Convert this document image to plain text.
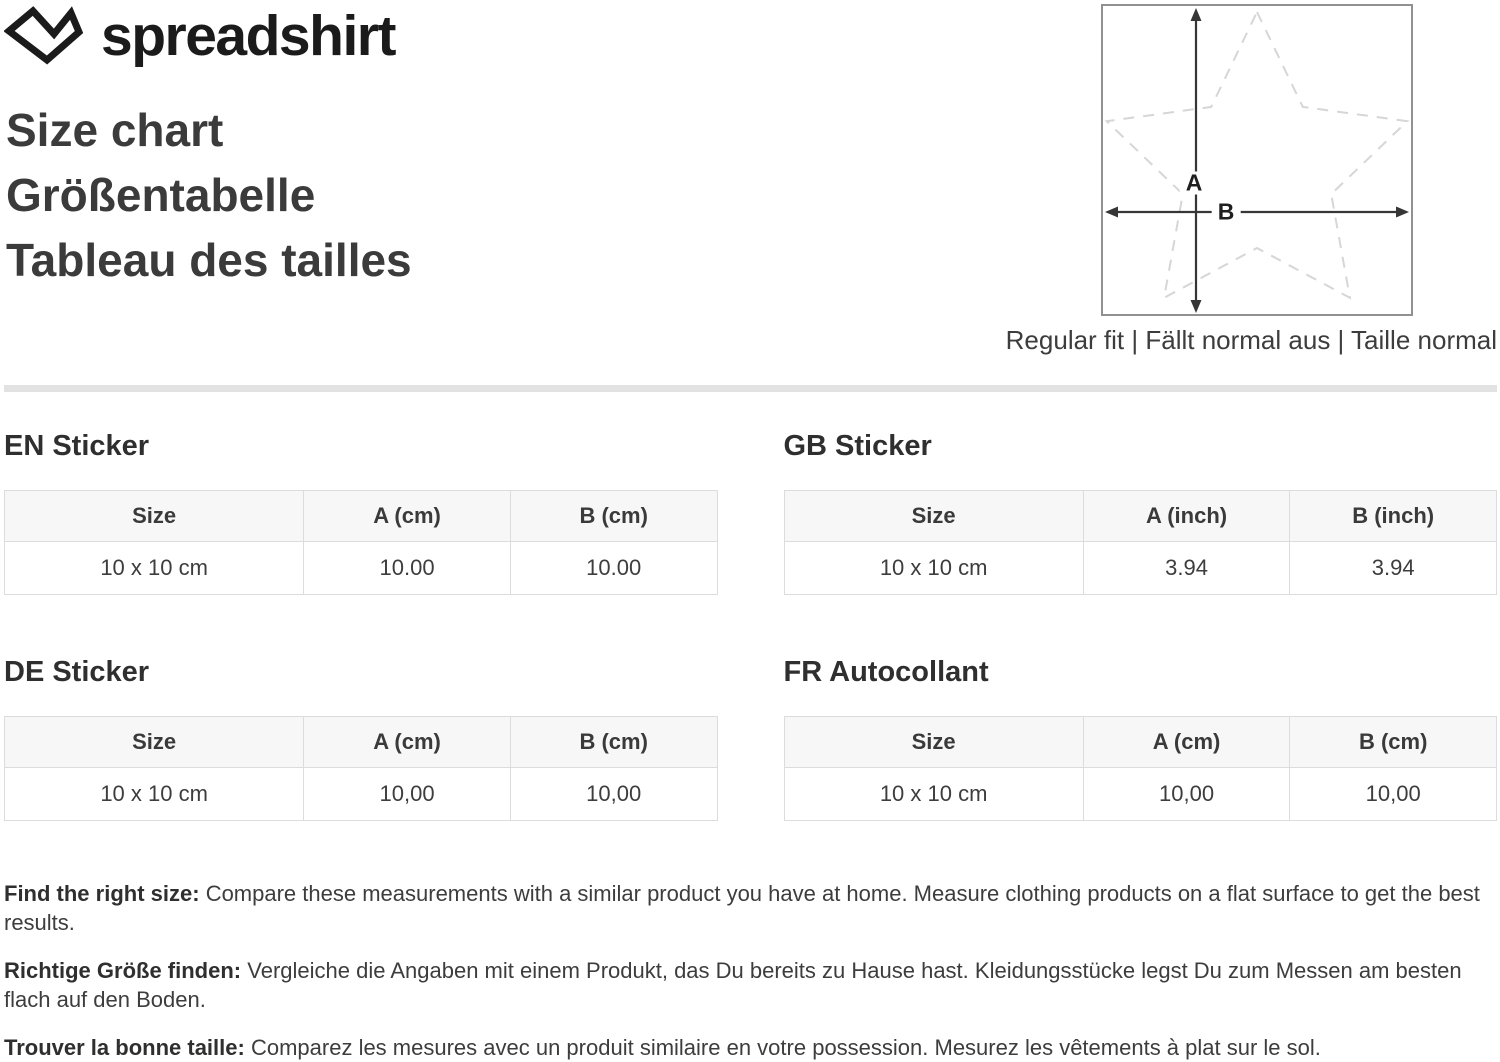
spreadshirt
Size chart
Größentabelle
Tableau des tailles
A
B
Regular fit | Fällt normal aus | Taille normal
EN Sticker
Size	A (cm)	B (cm)
10 x 10 cm	10.00	10.00
GB Sticker
Size	A (inch)	B (inch)
10 x 10 cm	3.94	3.94
DE Sticker
Size	A (cm)	B (cm)
10 x 10 cm	10,00	10,00
FR Autocollant
Size	A (cm)	B (cm)
10 x 10 cm	10,00	10,00

Find the right size: Compare these measurements with a similar product you have at home. Measure clothing products on a flat surface to get the best results.

Richtige Größe finden: Vergleiche die Angaben mit einem Produkt, das Du bereits zu Hause hast. Kleidungsstücke legst Du zum Messen am besten flach auf den Boden.

Trouver la bonne taille: Comparez les mesures avec un produit similaire en votre possession. Mesurez les vêtements à plat sur le sol.
